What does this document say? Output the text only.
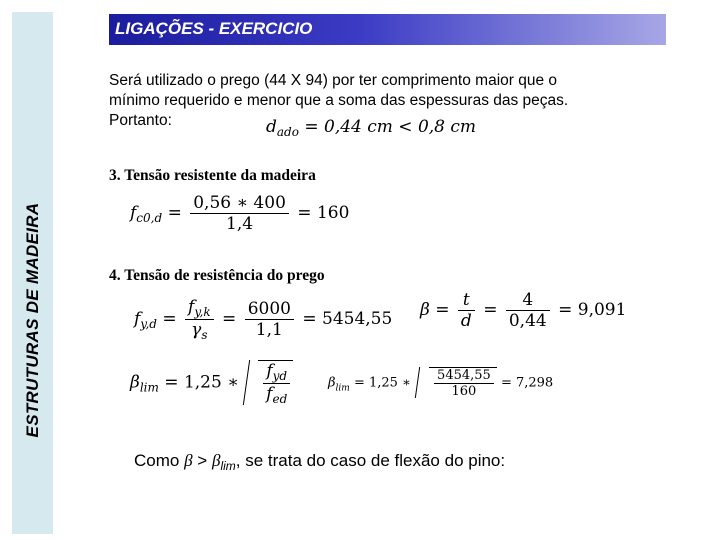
ESTRUTURAS DE MADEIRA
LIGAÇÕES - EXERCICIO
Será utilizado o prego (44 X 94) por ter comprimento maior que o
mínimo requerido e menor que a soma das espessuras das peças.
Portanto:	$d_{ado} = 0,44$ cm < 0,8 cm
3. Tensão resistente da madeira
$f_{c0,d} = \frac{0,56 ∗ 400}{1,4} = 160$
4. Tensão de resistência do prego
$f_{y,d} = \frac{f_{y,k}}{\gamma_s} = \frac{6000}{1,1} = 5454,55$ $\beta = \frac{t}{d} = \frac{4}{0,44} = 9,091$
$\beta_{lim} = 1,25$ ∗ $\frac{f_{yd}}{f_{ed}}$	$\beta_{lim} = 1,25$ ∗ $\frac{5454,55}{160} = 7,298$
Como $\beta > \beta_{lim}$, se trata do caso de flexão do pino:
